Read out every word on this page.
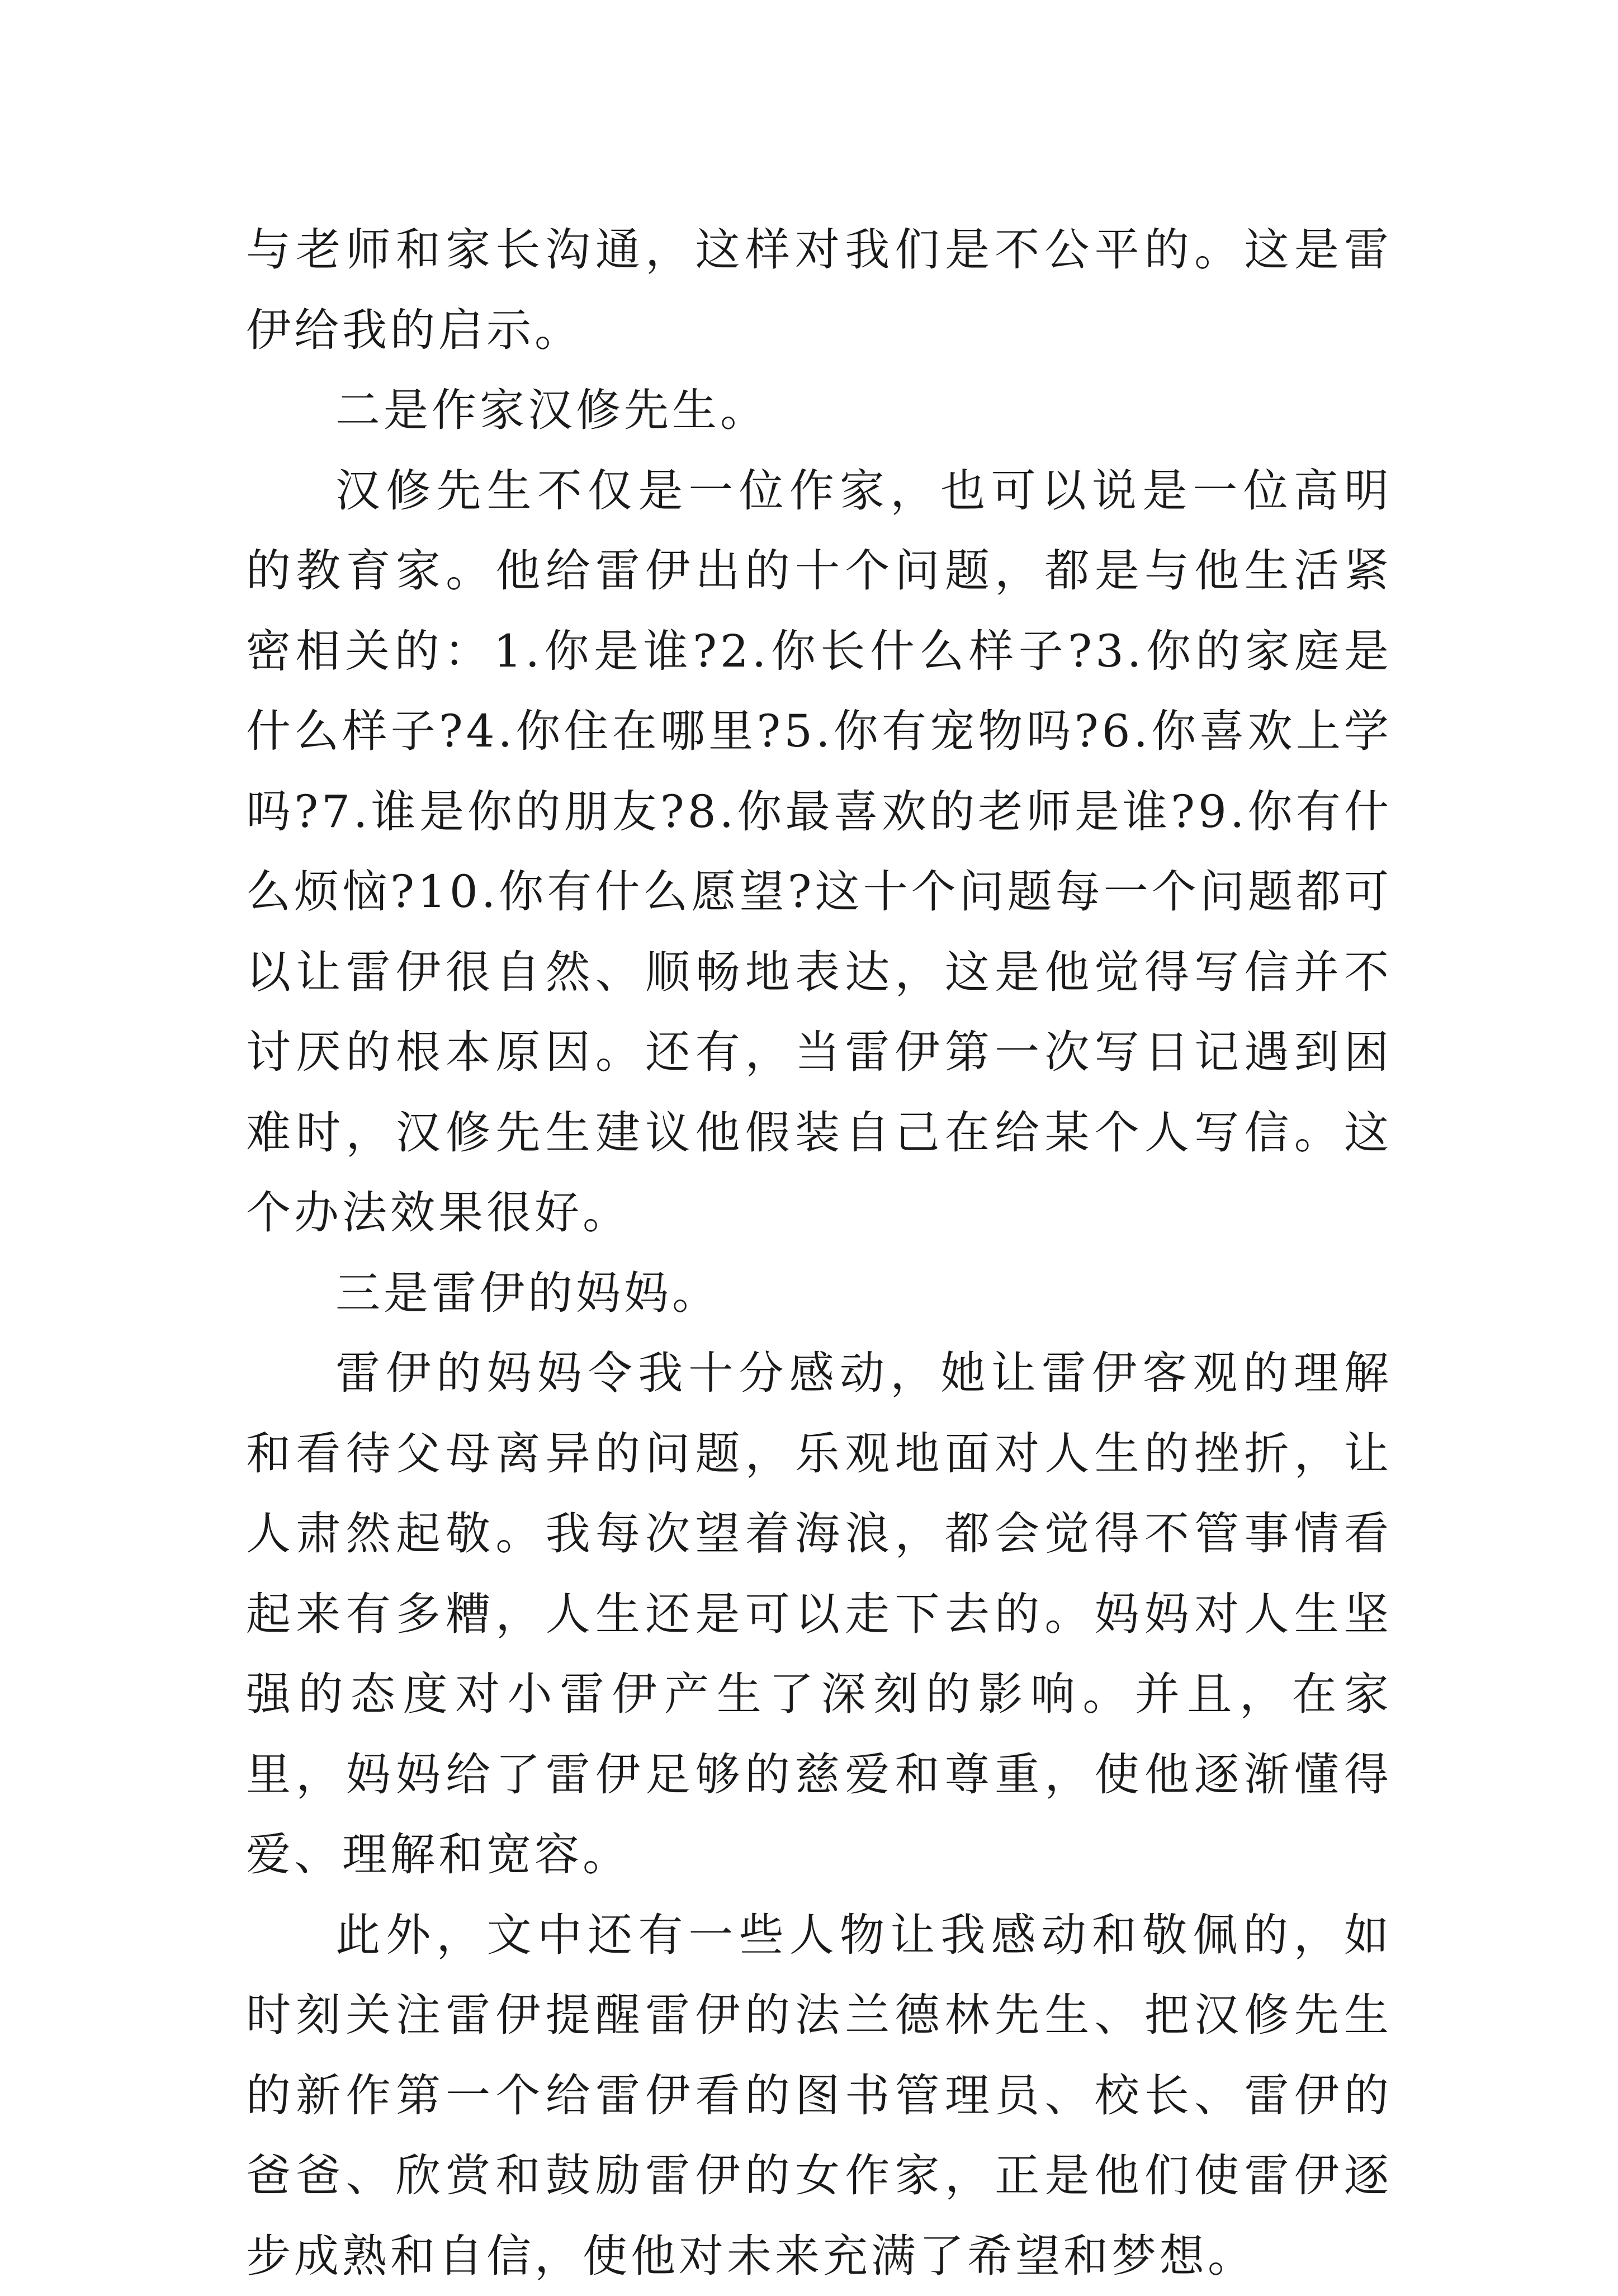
与老师和家长沟通，这样对我们是不公平的。这是雷伊给我的启示。

二是作家汉修先生。

汉修先生不仅是一位作家，也可以说是一位高明的教育家。他给雷伊出的十个问题，都是与他生活紧密相关的：1.你是谁?2.你长什么样子?3.你的家庭是什么样子?4.你住在哪里?5.你有宠物吗?6.你喜欢上学吗?7.谁是你的朋友?8.你最喜欢的老师是谁?9.你有什么烦恼?10.你有什么愿望?这十个问题每一个问题都可以让雷伊很自然、顺畅地表达，这是他觉得写信并不讨厌的根本原因。还有，当雷伊第一次写日记遇到困难时，汉修先生建议他假装自己在给某个人写信。这个办法效果很好。

三是雷伊的妈妈。

雷伊的妈妈令我十分感动，她让雷伊客观的理解和看待父母离异的问题，乐观地面对人生的挫折，让人肃然起敬。我每次望着海浪，都会觉得不管事情看起来有多糟，人生还是可以走下去的。妈妈对人生坚强的态度对小雷伊产生了深刻的影响。并且，在家里，妈妈给了雷伊足够的慈爱和尊重，使他逐渐懂得爱、理解和宽容。

此外，文中还有一些人物让我感动和敬佩的，如时刻关注雷伊提醒雷伊的法兰德林先生、把汉修先生的新作第一个给雷伊看的图书管理员、校长、雷伊的爸爸、欣赏和鼓励雷伊的女作家，正是他们使雷伊逐步成熟和自信，使他对未来充满了希望和梦想。
